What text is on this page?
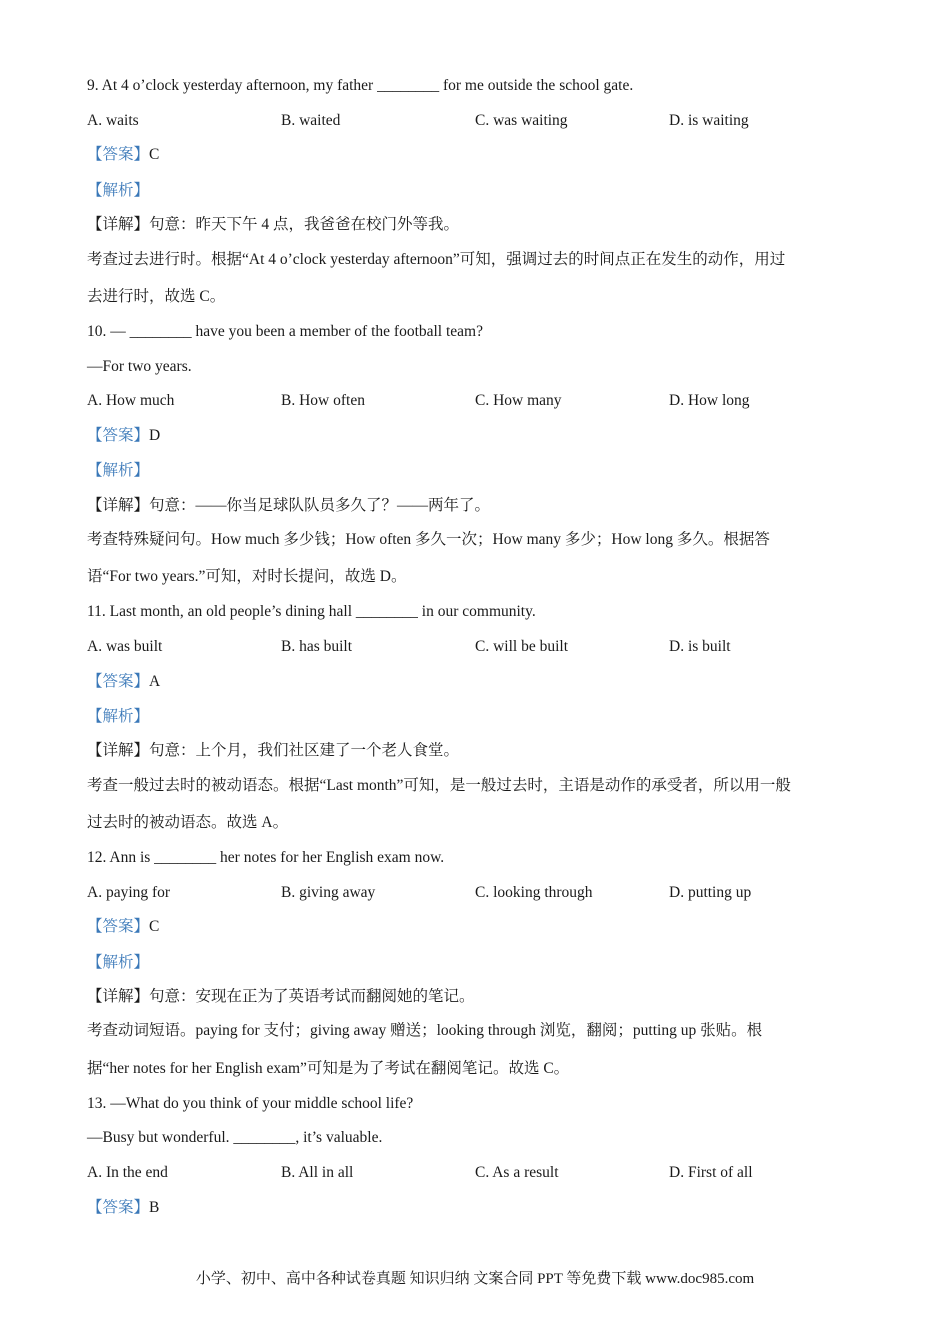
9. At 4 o’clock yesterday afternoon, my father ________ for me outside the school gate.
A. waits	B. waited	C. was waiting	D. is waiting
【答案】C
【解析】
【详解】句意：昨天下午 4 点，我爸爸在校门外等我。
考查过去进行时。根据“At 4 o’clock yesterday afternoon”可知，强调过去的时间点正在发生的动作，用过
去进行时，故选 C。
10. — ________ have you been a member of the football team?
—For two years.
A. How much	B. How often	C. How many	D. How long
【答案】D
【解析】
【详解】句意：——你当足球队队员多久了？——两年了。
考查特殊疑问句。How much 多少钱；How often 多久一次；How many 多少；How long 多久。根据答
语“For two years.”可知，对时长提问，故选 D。
11. Last month, an old people’s dining hall ________ in our community.
A. was built	B. has built	C. will be built	D. is built
【答案】A
【解析】
【详解】句意：上个月，我们社区建了一个老人食堂。
考查一般过去时的被动语态。根据“Last month”可知，是一般过去时，主语是动作的承受者，所以用一般
过去时的被动语态。故选 A。
12. Ann is ________ her notes for her English exam now.
A. paying for	B. giving away	C. looking through	D. putting up
【答案】C
【解析】
【详解】句意：安现在正为了英语考试而翻阅她的笔记。
考查动词短语。paying for 支付；giving away 赠送；looking through 浏览，翻阅；putting up 张贴。根
据“her notes for her English exam”可知是为了考试在翻阅笔记。故选 C。
13. —What do you think of your middle school life?
—Busy but wonderful. ________, it’s valuable.
A. In the end	B. All in all	C. As a result	D. First of all
【答案】B
小学、初中、高中各种试卷真题 知识归纳 文案合同 PPT 等免费下载 www.doc985.com
